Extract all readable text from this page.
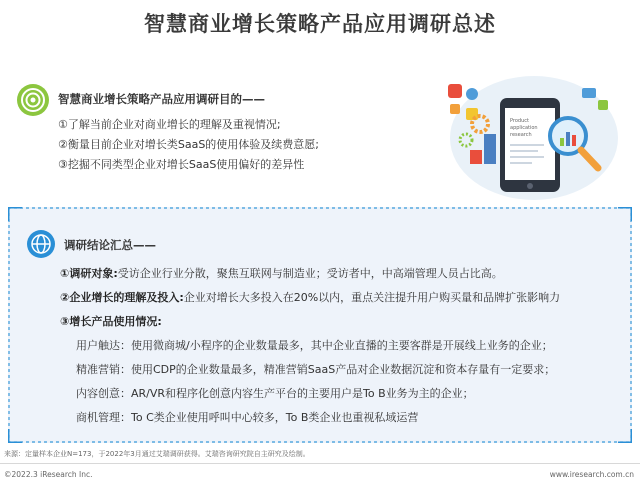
智慧商业增长策略产品应用调研总述
智慧商业增长策略产品应用调研目的——
①了解当前企业对商业增长的理解及重视情况;
②衡量目前企业对增长类SaaS的使用体验及续费意愿;
③挖掘不同类型企业对增长SaaS使用偏好的差异性
Product
application
research
调研结论汇总——
①调研对象:受访企业行业分散，聚焦互联网与制造业；受访者中，中高端管理人员占比高。
②企业增长的理解及投入:企业对增长大多投入在20%以内，重点关注提升用户购买量和品牌扩张影响力
③增长产品使用情况:
用户触达：使用微商城/小程序的企业数量最多，其中企业直播的主要客群是开展线上业务的企业；
精准营销：使用CDP的企业数量最多，精准营销SaaS产品对企业数据沉淀和资本存量有一定要求；
内容创意：AR/VR和程序化创意内容生产平台的主要用户是To B业务为主的企业；
商机管理：To C类企业使用呼叫中心较多，To B类企业也重视私域运营
来源：定量样本企业N=173，于2022年3月通过艾瑞调研获得。艾瑞咨询研究院自主研究及绘制。
©2022.3 iResearch Inc.	www.iresearch.com.cn
